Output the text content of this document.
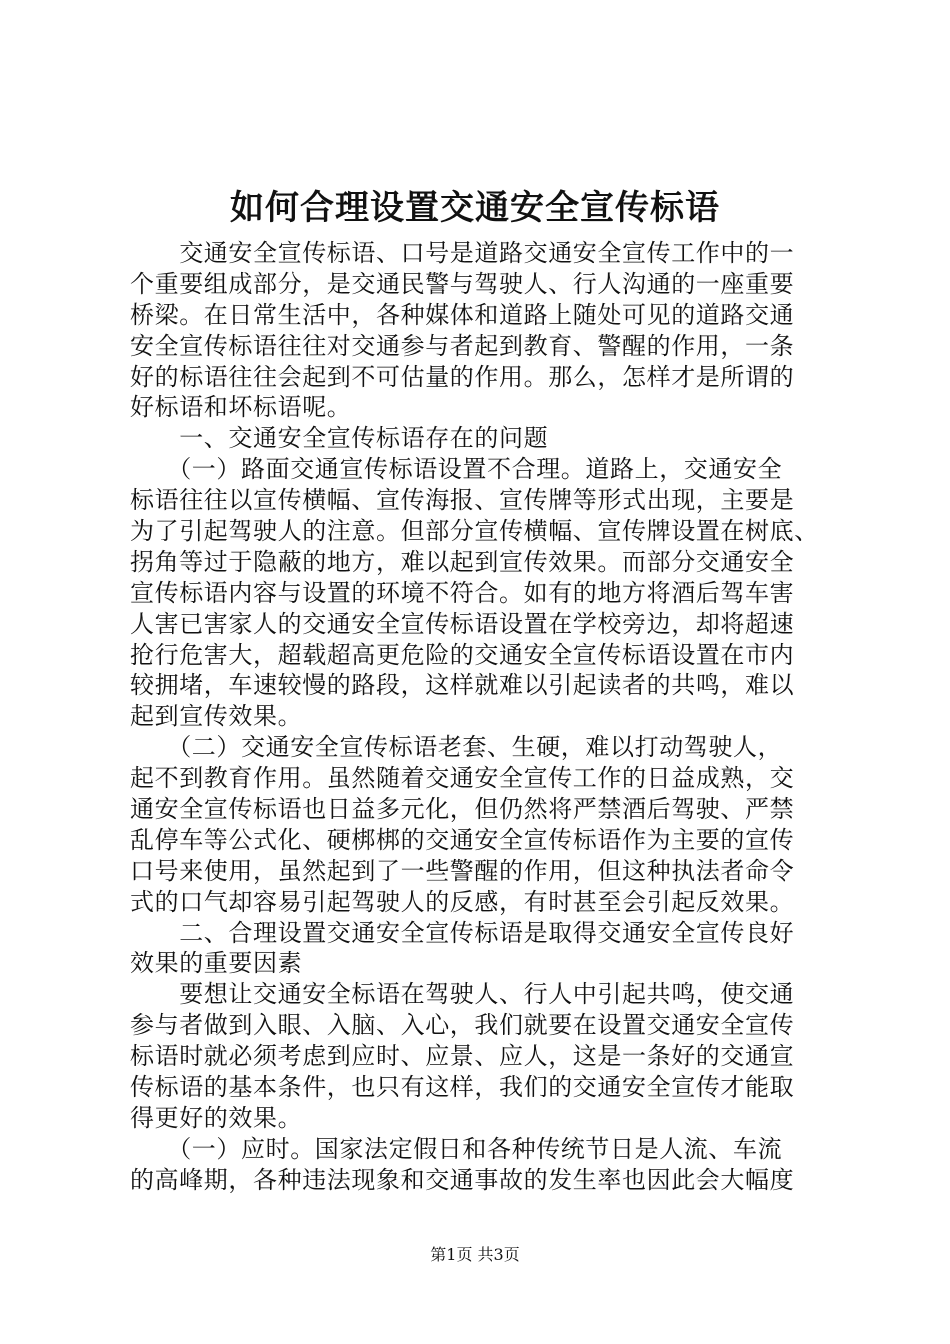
如何合理设置交通安全宣传标语
　　交通安全宣传标语、口号是道路交通安全宣传工作中的一
个重要组成部分，是交通民警与驾驶人、行人沟通的一座重要
桥梁。在日常生活中，各种媒体和道路上随处可见的道路交通
安全宣传标语往往对交通参与者起到教育、警醒的作用，一条
好的标语往往会起到不可估量的作用。那么，怎样才是所谓的
好标语和坏标语呢。
　　一、交通安全宣传标语存在的问题
　　（一）路面交通宣传标语设置不合理。道路上，交通安全
标语往往以宣传横幅、宣传海报、宣传牌等形式出现，主要是
为了引起驾驶人的注意。但部分宣传横幅、宣传牌设置在树底、
拐角等过于隐蔽的地方，难以起到宣传效果。而部分交通安全
宣传标语内容与设置的环境不符合。如有的地方将酒后驾车害
人害已害家人的交通安全宣传标语设置在学校旁边，却将超速
抢行危害大，超载超高更危险的交通安全宣传标语设置在市内
较拥堵，车速较慢的路段，这样就难以引起读者的共鸣，难以
起到宣传效果。
　　（二）交通安全宣传标语老套、生硬，难以打动驾驶人，
起不到教育作用。虽然随着交通安全宣传工作的日益成熟，交
通安全宣传标语也日益多元化，但仍然将严禁酒后驾驶、严禁
乱停车等公式化、硬梆梆的交通安全宣传标语作为主要的宣传
口号来使用，虽然起到了一些警醒的作用，但这种执法者命令
式的口气却容易引起驾驶人的反感，有时甚至会引起反效果。
　　二、合理设置交通安全宣传标语是取得交通安全宣传良好
效果的重要因素
　　要想让交通安全标语在驾驶人、行人中引起共鸣，使交通
参与者做到入眼、入脑、入心，我们就要在设置交通安全宣传
标语时就必须考虑到应时、应景、应人，这是一条好的交通宣
传标语的基本条件，也只有这样，我们的交通安全宣传才能取
得更好的效果。
　　（一）应时。国家法定假日和各种传统节日是人流、车流
的高峰期，各种违法现象和交通事故的发生率也因此会大幅度
第1页 共3页
